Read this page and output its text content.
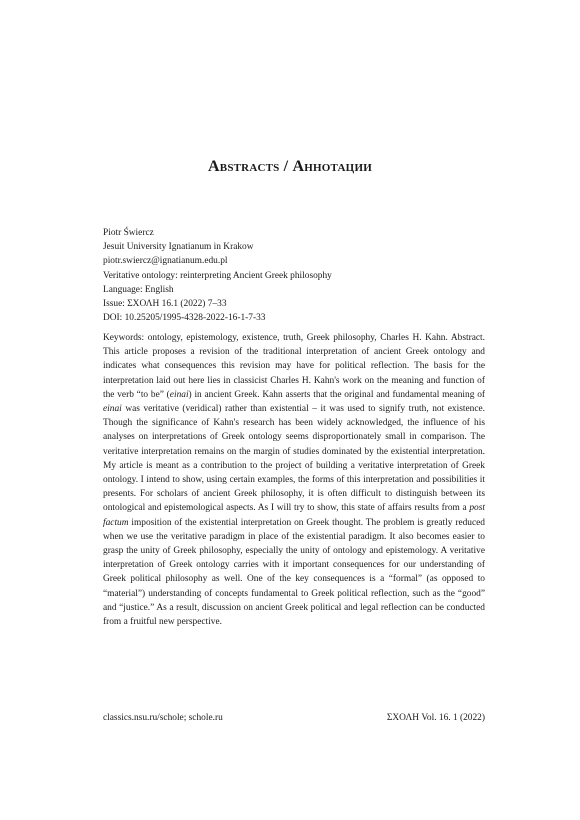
Abstracts / Аннотации
Piotr Świercz
Jesuit University Ignatianum in Krakow
piotr.swiercz@ignatianum.edu.pl
Veritative ontology: reinterpreting Ancient Greek philosophy
Language: English
Issue: ΣΧΟΛΗ 16.1 (2022) 7–33
DOI: 10.25205/1995-4328-2022-16-1-7-33
Keywords: ontology, epistemology, existence, truth, Greek philosophy, Charles H. Kahn. Abstract. This article proposes a revision of the traditional interpretation of ancient Greek ontology and indicates what consequences this revision may have for political reflection. The basis for the interpretation laid out here lies in classicist Charles H. Kahn's work on the meaning and function of the verb “to be” (einai) in ancient Greek. Kahn asserts that the original and fundamental meaning of einai was veritative (veridical) rather than existential – it was used to signify truth, not existence. Though the significance of Kahn's research has been widely acknowledged, the influence of his analyses on interpretations of Greek ontology seems disproportionately small in comparison. The veritative interpretation remains on the margin of studies dominated by the existential interpretation. My article is meant as a contribution to the project of building a veritative interpretation of Greek ontology. I intend to show, using certain examples, the forms of this interpretation and possibilities it presents. For scholars of ancient Greek philosophy, it is often difficult to distinguish between its ontological and epistemological aspects. As I will try to show, this state of affairs results from a post factum imposition of the existential interpretation on Greek thought. The problem is greatly reduced when we use the veritative paradigm in place of the existential paradigm. It also becomes easier to grasp the unity of Greek philosophy, especially the unity of ontology and epistemology. A veritative interpretation of Greek ontology carries with it important consequences for our understanding of Greek political philosophy as well. One of the key consequences is a “formal” (as opposed to “material”) understanding of concepts fundamental to Greek political reflection, such as the “good” and “justice.” As a result, discussion on ancient Greek political and legal reflection can be conducted from a fruitful new perspective.
classics.nsu.ru/schole; schole.ru	ΣΧΟΛΗ Vol. 16. 1 (2022)
